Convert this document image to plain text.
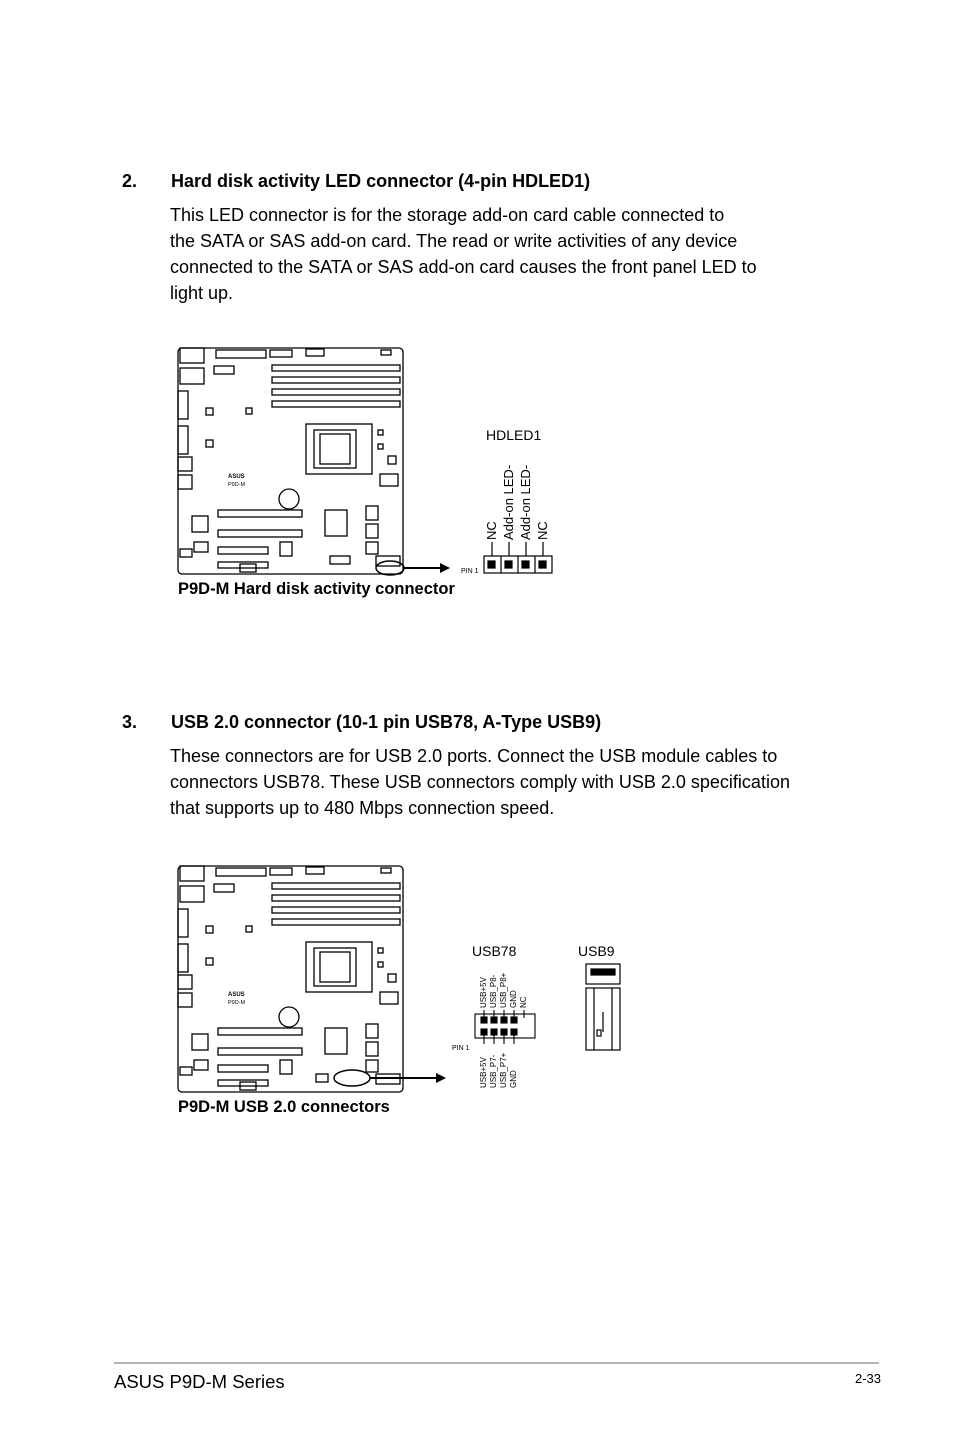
2. Hard disk activity LED connector (4-pin HDLED1)
This LED connector is for the storage add-on card cable connected to
the SATA or SAS add-on card. The read or write activities of any device
connected to the SATA or SAS add-on card causes the front panel LED to
light up.
ASUS
P9D-M
HDLED1
NC Add-on LED- Add-on LED- NC
PIN 1
P9D-M Hard disk activity connector
3. USB 2.0 connector (10-1 pin USB78, A-Type USB9)
These connectors are for USB 2.0 ports. Connect the USB module cables to
connectors USB78. These USB connectors comply with USB 2.0 specification
that supports up to 480 Mbps connection speed.
ASUS
P9D-M
USB78
USB+5V USB_P8- USB_P8+ GND NC
PIN 1
USB+5V USB_P7- USB_P7+ GND
USB9
P9D-M USB 2.0 connectors
ASUS P9D-M Series	2-33
